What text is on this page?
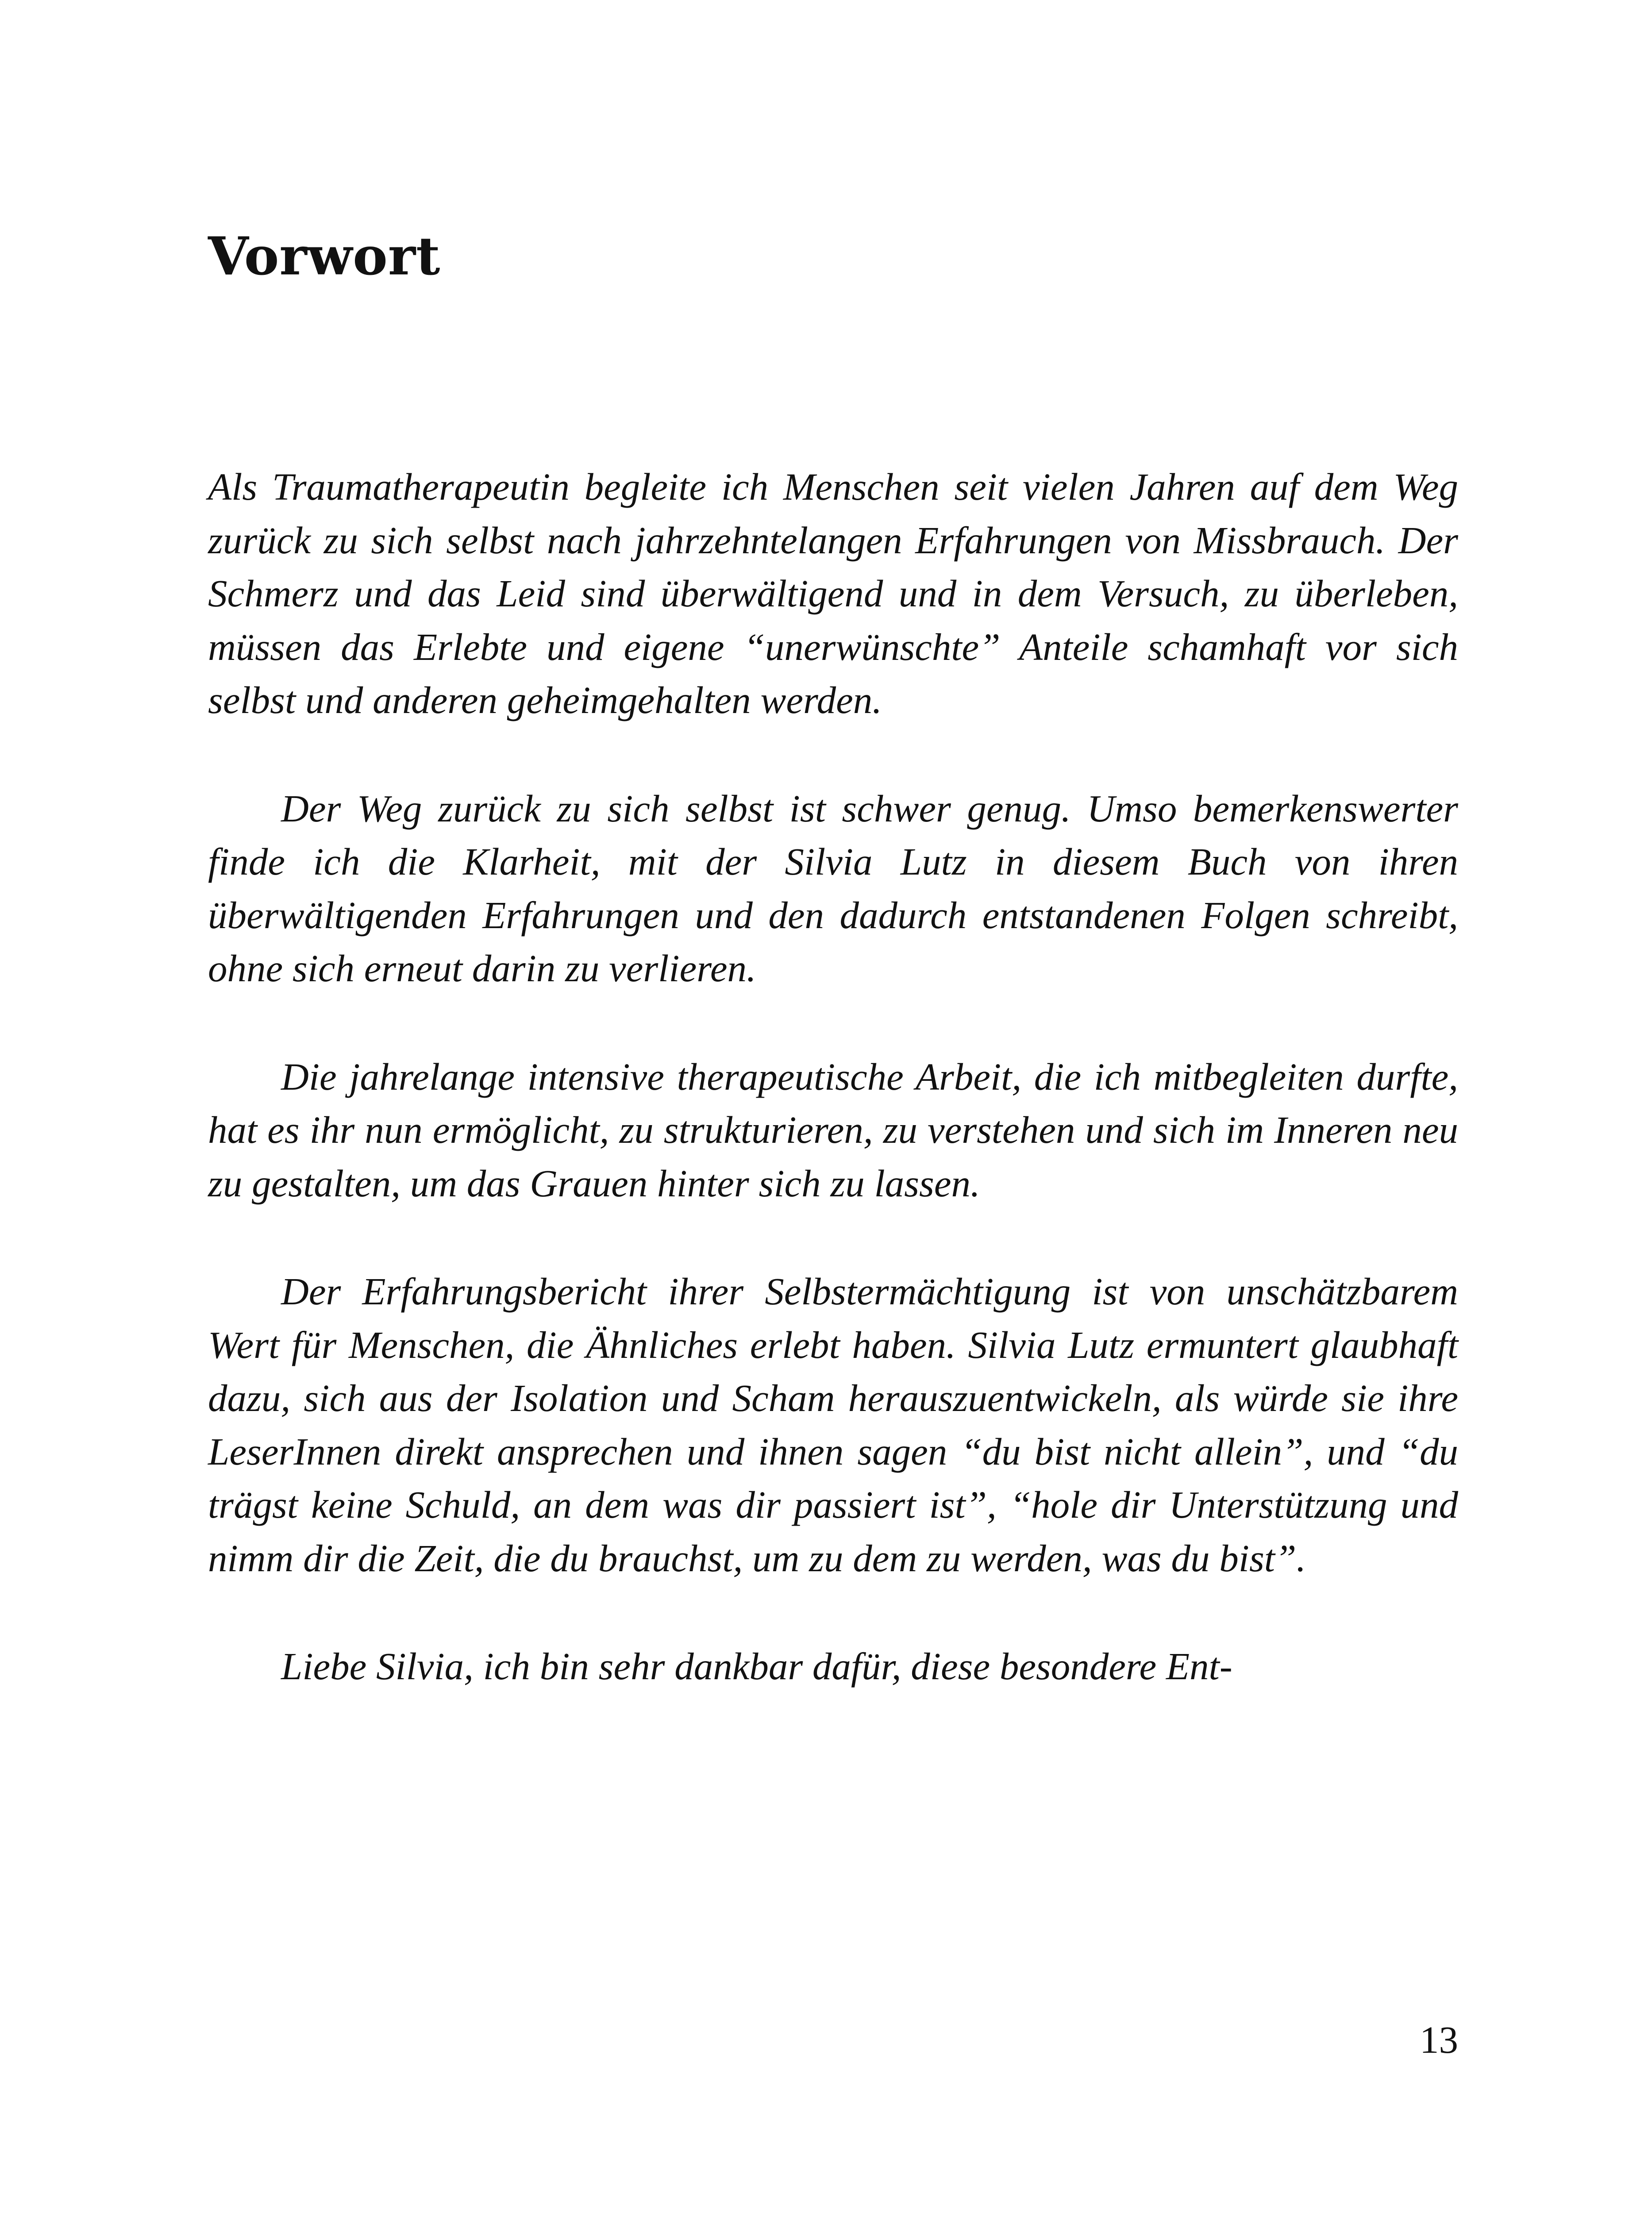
Vorwort

Als Traumatherapeutin begleite ich Menschen seit vielen Jahren auf dem Weg zurück zu sich selbst nach jahrzehntelangen Erfahrungen von Missbrauch. Der Schmerz und das Leid sind überwältigend und in dem Versuch, zu überleben, müssen das Erlebte und eigene “unerwünschte” Anteile schamhaft vor sich selbst und anderen geheimgehalten werden.

Der Weg zurück zu sich selbst ist schwer genug. Umso bemerkenswerter finde ich die Klarheit, mit der Silvia Lutz in diesem Buch von ihren überwältigenden Erfahrungen und den dadurch entstandenen Folgen schreibt, ohne sich erneut darin zu verlieren.

Die jahrelange intensive therapeutische Arbeit, die ich mitbegleiten durfte, hat es ihr nun ermöglicht, zu strukturieren, zu verstehen und sich im Inneren neu zu gestalten, um das Grauen hinter sich zu lassen.

Der Erfahrungsbericht ihrer Selbstermächtigung ist von unschätzbarem Wert für Menschen, die Ähnliches erlebt haben. Silvia Lutz ermuntert glaubhaft dazu, sich aus der Isolation und Scham herauszuentwickeln, als würde sie ihre LeserInnen direkt ansprechen und ihnen sagen “du bist nicht allein”, und “du trägst keine Schuld, an dem was dir passiert ist”, “hole dir Unterstützung und nimm dir die Zeit, die du brauchst, um zu dem zu werden, was du bist”.

Liebe Silvia, ich bin sehr dankbar dafür, diese besondere Ent-

13
